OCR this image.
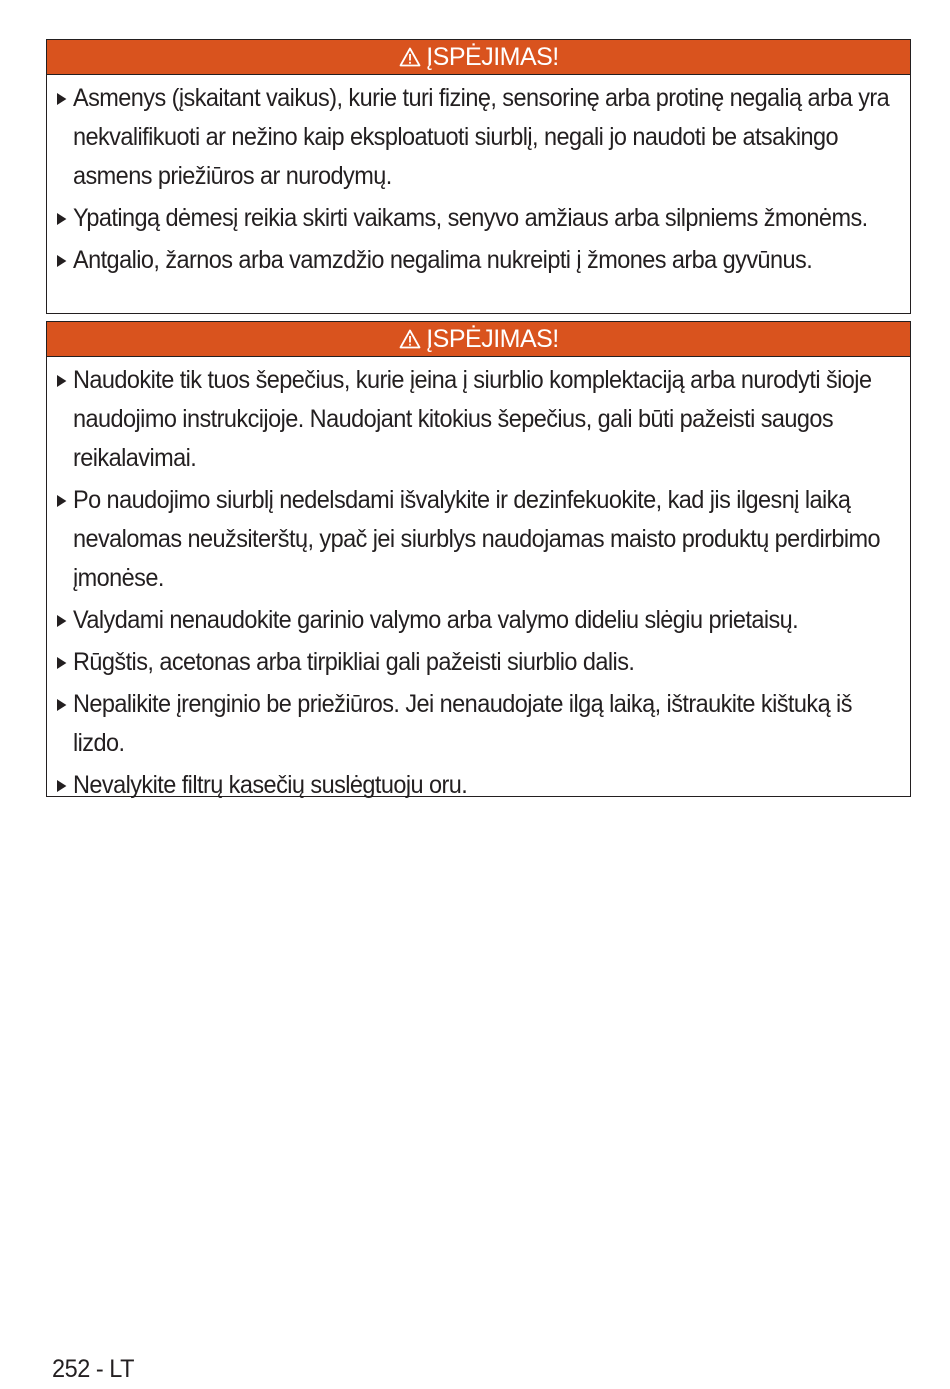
ĮSPĖJIMAS!
Asmenys (įskaitant vaikus), kurie turi fizinę, sensorinę arba protinę negalią arba yra nekvalifikuoti ar nežino kaip eksploatuoti siurblį, negali jo naudoti be atsakingo asmens priežiūros ar nurodymų.
Ypatingą dėmesį reikia skirti vaikams, senyvo amžiaus arba silpniems žmonėms.
Antgalio, žarnos arba vamzdžio negalima nukreipti į žmones arba gyvūnus.
ĮSPĖJIMAS!
Naudokite tik tuos šepečius, kurie įeina į siurblio komplektaciją arba nurodyti šioje naudojimo instrukcijoje. Naudojant kitokius šepečius, gali būti pažeisti saugos reikalavimai.
Po naudojimo siurblį nedelsdami išvalykite ir dezinfekuokite, kad jis ilgesnį laiką nevalomas neužsiteršt​ų, ypač jei siurblys naudojamas maisto produktų perdirbimo įmonėse.
Valydami nenaudokite garinio valymo arba valymo dideliu slėgiu prietaisų.
Rūgštis, acetonas arba tirpikliai gali pažeisti siurblio dalis.
Nepalikite įrenginio be priežiūros. Jei nenaudojate ilgą laiką, ištraukite kištuką iš lizdo.
Nevalykite filtrų kasečių suslėgtuoju oru.
252 - LT
